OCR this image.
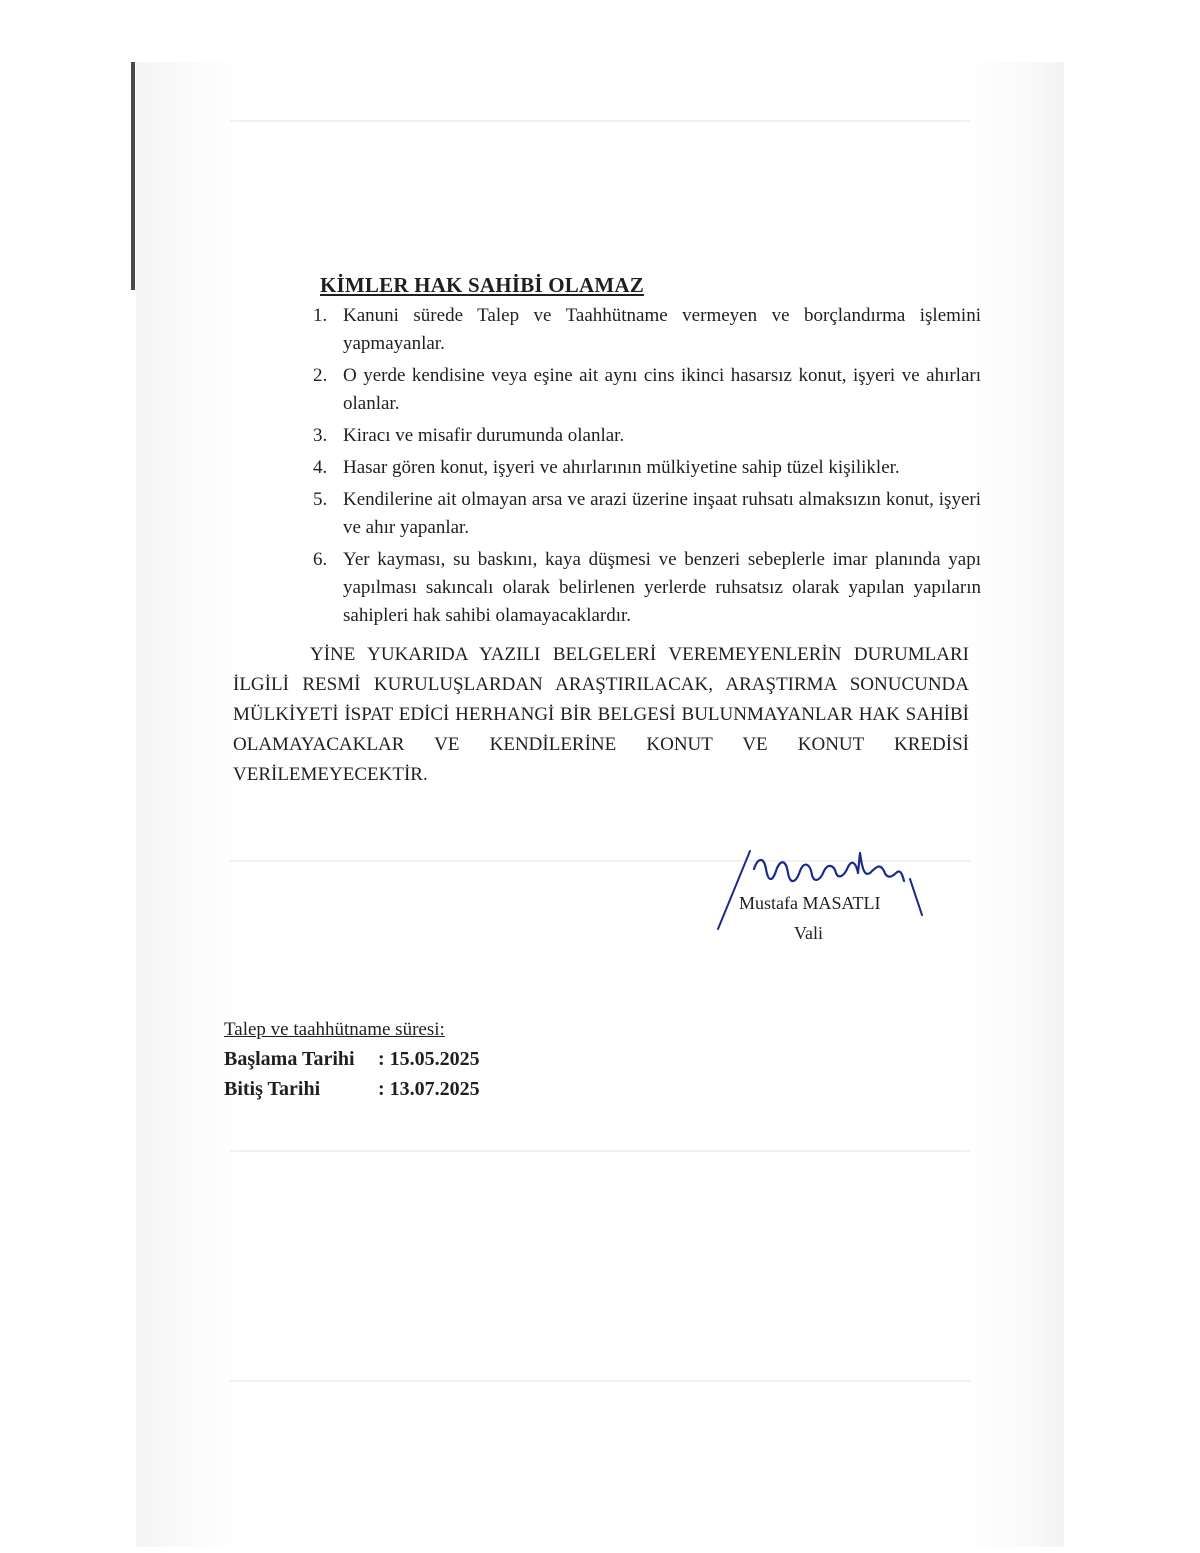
KİMLER HAK SAHİBİ OLAMAZ
1. Kanuni sürede Talep ve Taahhütname vermeyen ve borçlandırma işlemini yapmayanlar.
2. O yerde kendisine veya eşine ait aynı cins ikinci hasarsız konut, işyeri ve ahırları olanlar.
3. Kiracı ve misafir durumunda olanlar.
4. Hasar gören konut, işyeri ve ahırlarının mülkiyetine sahip tüzel kişilikler.
5. Kendilerine ait olmayan arsa ve arazi üzerine inşaat ruhsatı almaksızın konut, işyeri ve ahır yapanlar.
6. Yer kayması, su baskını, kaya düşmesi ve benzeri sebeplerle imar planında yapı yapılması sakıncalı olarak belirlenen yerlerde ruhsatsız olarak yapılan yapıların sahipleri hak sahibi olamayacaklardır.
YİNE YUKARIDA YAZILI BELGELERİ VEREMEYENLERİN DURUMLARI İLGİLİ RESMİ KURULUŞLARDAN ARAŞTIRILACAK, ARAŞTIRMA SONUCUNDA MÜLKİYETİ İSPAT EDİCİ HERHANGİ BİR BELGESİ BULUNMAYANLAR HAK SAHİBİ OLAMAYACAKLAR VE KENDİLERİNE KONUT VE KONUT KREDİSİ VERİLEMEYECEKTİR.
Mustafa MASATLI
Vali
Talep ve taahhütname süresi:
Başlama Tarihi : 15.05.2025
Bitiş Tarihi	: 13.07.2025
